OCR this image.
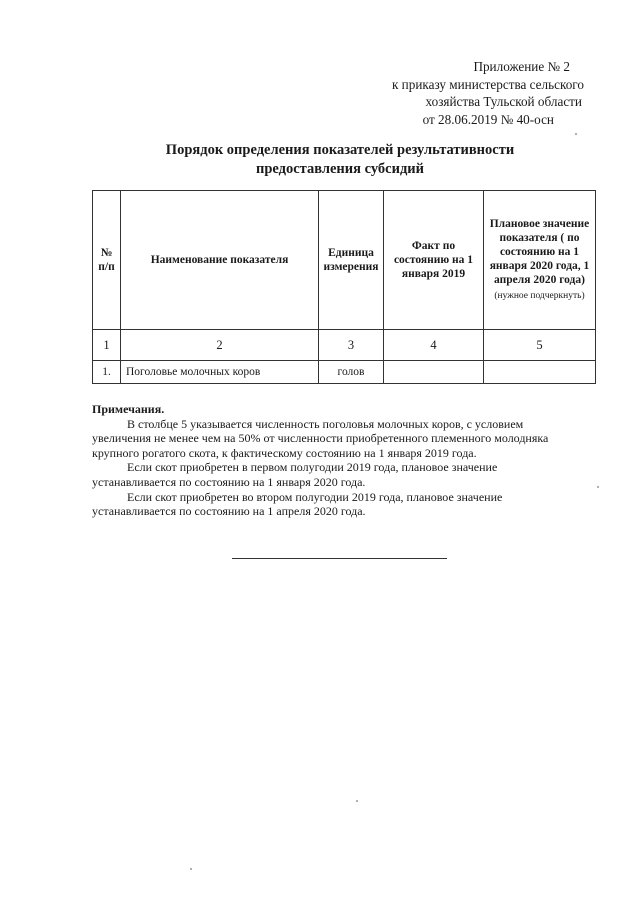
Приложение № 2
к приказу министерства сельского
хозяйства Тульской области
от 28.06.2019 № 40-осн
Порядок определения показателей результативности
предоставления субсидий
№ п/п	Наименование показателя	Единица измерения	Факт по состоянию на 1 января 2019	Плановое значение показателя ( по состоянию на 1 января 2020 года, 1 апреля 2020 года)
(нужное подчеркнуть)

1	2	3	4	5
1.	Поголовье молочных коров	голов		
Примечания.

В столбце 5 указывается численность поголовья молочных коров, с условием увеличения не менее чем на 50% от численности приобретенного племенного молодняка крупного рогатого скота, к фактическому состоянию на 1 января 2019 года.

Если скот приобретен в первом полугодии 2019 года, плановое значение устанавливается по состоянию на 1 января 2020 года.

Если скот приобретен во втором полугодии 2019 года, плановое значение устанавливается по состоянию на 1 апреля 2020 года.
